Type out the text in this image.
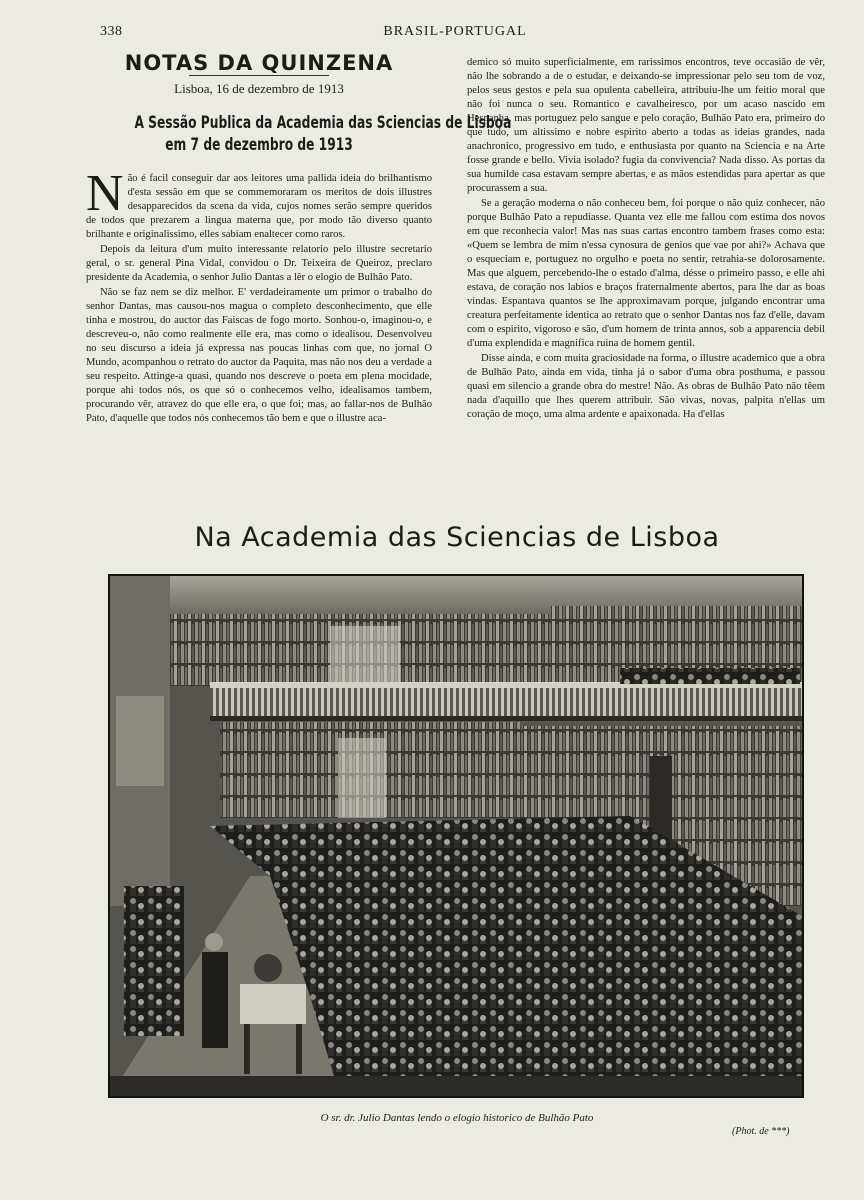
338	BRASIL-PORTUGAL
NOTAS DA QUINZENA
Lisboa, 16 de dezembro de 1913
A Sessão Publica da Academia das Sciencias de Lisboa
em 7 de dezembro de 1913

Não é facil conseguir dar aos leitores uma pallida ideia do brilhantismo d'esta sessão em que se commemoraram os meritos de dois illustres desapparecidos da scena da vida, cujos nomes serão sempre queridos de todos que prezarem a lingua materna que, por modo tão diverso quanto brilhante e originalissimo, elles sabiam enaltecer como raros.

Depois da leitura d'um muito interessante relatorio pelo illustre secretario geral, o sr. general Pina Vidal, convidou o Dr. Teixeira de Queiroz, preclaro presidente da Academia, o senhor Julio Dantas a lêr o elogio de Bulhão Pato.

Não se faz nem se diz melhor. E' verdadeiramente um primor o trabalho do senhor Dantas, mas causou-nos magua o completo desconhecimento, que elle tinha e mostrou, do auctor das Faiscas de fogo morto. Sonhou-o, imaginou-o, e descreveu-o, não como realmente elle era, mas como o idealisou. Desenvolveu no seu discurso a ideia já expressa nas poucas linhas com que, no jornal O Mundo, acompanhou o retrato do auctor da Paquita, mas não nos deu a verdade a seu respeito. Attinge-a quasi, quando nos descreve o poeta em plena mocidade, porque ahi todos nós, os que só o conhecemos velho, idealisamos tambem, procurando vêr, atravez do que elle era, o que foi; mas, ao fallar-nos de Bulhão Pato, d'aquelle que todos nós conhecemos tão bem e que o illustre aca-

demico só muito superficialmente, em rarissimos encontros, teve occasião de vêr, não lhe sobrando a de o estudar, e deixando-se impressionar pelo seu tom de voz, pelos seus gestos e pela sua opulenta cabelleira, attribuiu-lhe um feitio moral que não foi nunca o seu. Romantico e cavalheiresco, por um acaso nascido em Hespanha, mas portuguez pelo sangue e pelo coração, Bulhão Pato era, primeiro do que tudo, um altissimo e nobre espirito aberto a todas as ideias grandes, nada anachronico, progressivo em tudo, e enthusiasta por quanto na Sciencia e na Arte fosse grande e bello. Vivia isolado? fugia da convivencia? Nada disso. As portas da sua humilde casa estavam sempre abertas, e as mãos estendidas para apertar as que procurassem a sua.

Se a geração moderna o não conheceu bem, foi porque o não quiz conhecer, não porque Bulhão Pato a repudiasse. Quanta vez elle me fallou com estima dos novos em que reconhecia valor! Mas nas suas cartas encontro tambem frases como esta: «Quem se lembra de mim n'essa cynosura de genios que vae por ahi?» Achava que o esqueciam e, portuguez no orgulho e poeta no sentir, retrahia-se dolorosamente. Mas que alguem, percebendo-lhe o estado d'alma, désse o primeiro passo, e elle ahi estava, de coração nos labios e braços fraternalmente abertos, para lhe dar as boas vindas. Espantava quantos se lhe approximavam porque, julgando encontrar uma creatura perfeitamente identica ao retrato que o senhor Dantas nos faz d'elle, davam com o espirito, vigoroso e são, d'um homem de trinta annos, sob a apparencia debil d'uma explendida e magnifica ruina de homem gentil.

Disse ainda, e com muita graciosidade na forma, o illustre academico que a obra de Bulhão Pato, ainda em vida, tinha já o sabor d'uma obra posthuma, e passou quasi em silencio a grande obra do mestre! Não. As obras de Bulhão Pato não têem nada d'aquillo que lhes querem attribuir. São vivas, novas, palpita n'ellas um coração de moço, uma alma ardente e apaixonada. Ha d'ellas

Na Academia das Sciencias de Lisboa
O sr. dr. Julio Dantas lendo o elogio historico de Bulhão Pato
(Phot. de ***)
